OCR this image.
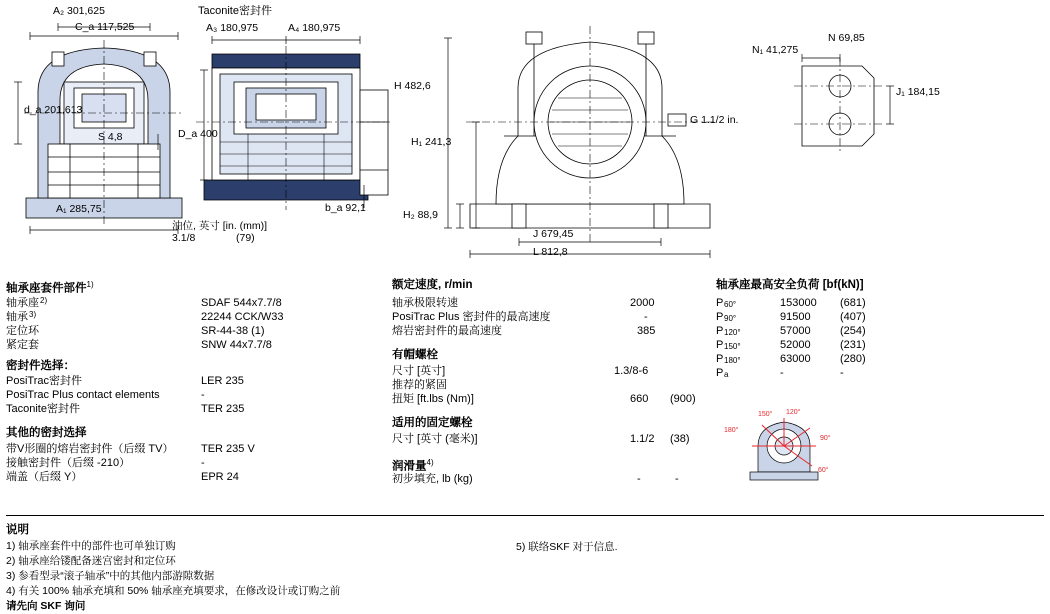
A₂ 301,625
C_a 117,525
d_a 201,613
S 4,8
A₁ 285,75
Taconite密封件
A₃ 180,975	A₄ 180,975
D_a 400
b_a 92,1
油位, 英寸 [in. (mm)]
3.1/8	(79)
H 482,6
H₁ 241,3
H₂ 88,9
J 679,45
L 812,8
G 1.1/2 in.
N₁ 41,275
N 69,85
J₁ 184,15
轴承座套件部件$^{1)}$
轴承座 2)	SDAF 544x7.7/8
轴承 3)	22244 CCK/W33
定位环	SR-44-38 (1)
紧定套	SNW 44x7.7/8
密封件选择：
PosiTrac密封件	LER 235
PosiTrac Plus contact elements	-
Taconite密封件	TER 235
其他的密封选择
带V形圈的熔岩密封件（后缀 TV）	TER 235 V
接触密封件（后缀 -210）	-
端盖（后缀 Y）	EPR 24
额定速度, r/min
轴承极限转速	2000
PosiTrac Plus 密封件的最高速度	-
熔岩密封件的最高速度	385
有帽螺栓
尺寸 [英寸]	1.3/8-6
推荐的紧固
扭矩 [ft.lbs (Nm)]	660 (900)
适用的固定螺栓
尺寸 [英寸 (毫米)]	1.1/2 (38)
润滑量$^{4)}$
初步填充, lb (kg)	-	-
轴承座最高安全负荷 [bf(kN)]
P 60°	153000 (681)
P 90°	91500	(407)
P 120°	57000	(254)
P 150°	52000	(231)
P 180°	63000	(280)
P a	-	-
180°
150° 120°
90°
60°
说明
1) 轴承座套件中的部件也可单独订购
2) 轴承座给镂配备迷宫密封和定位环
3) 参看型录“滚子轴承”中的其他内部游隙数据
4) 有关 100% 轴承充填和 50% 轴承座充填要求，在修改设计或订购之前
请先向 SKF 询问
5) 联络SKF 对于信息.
